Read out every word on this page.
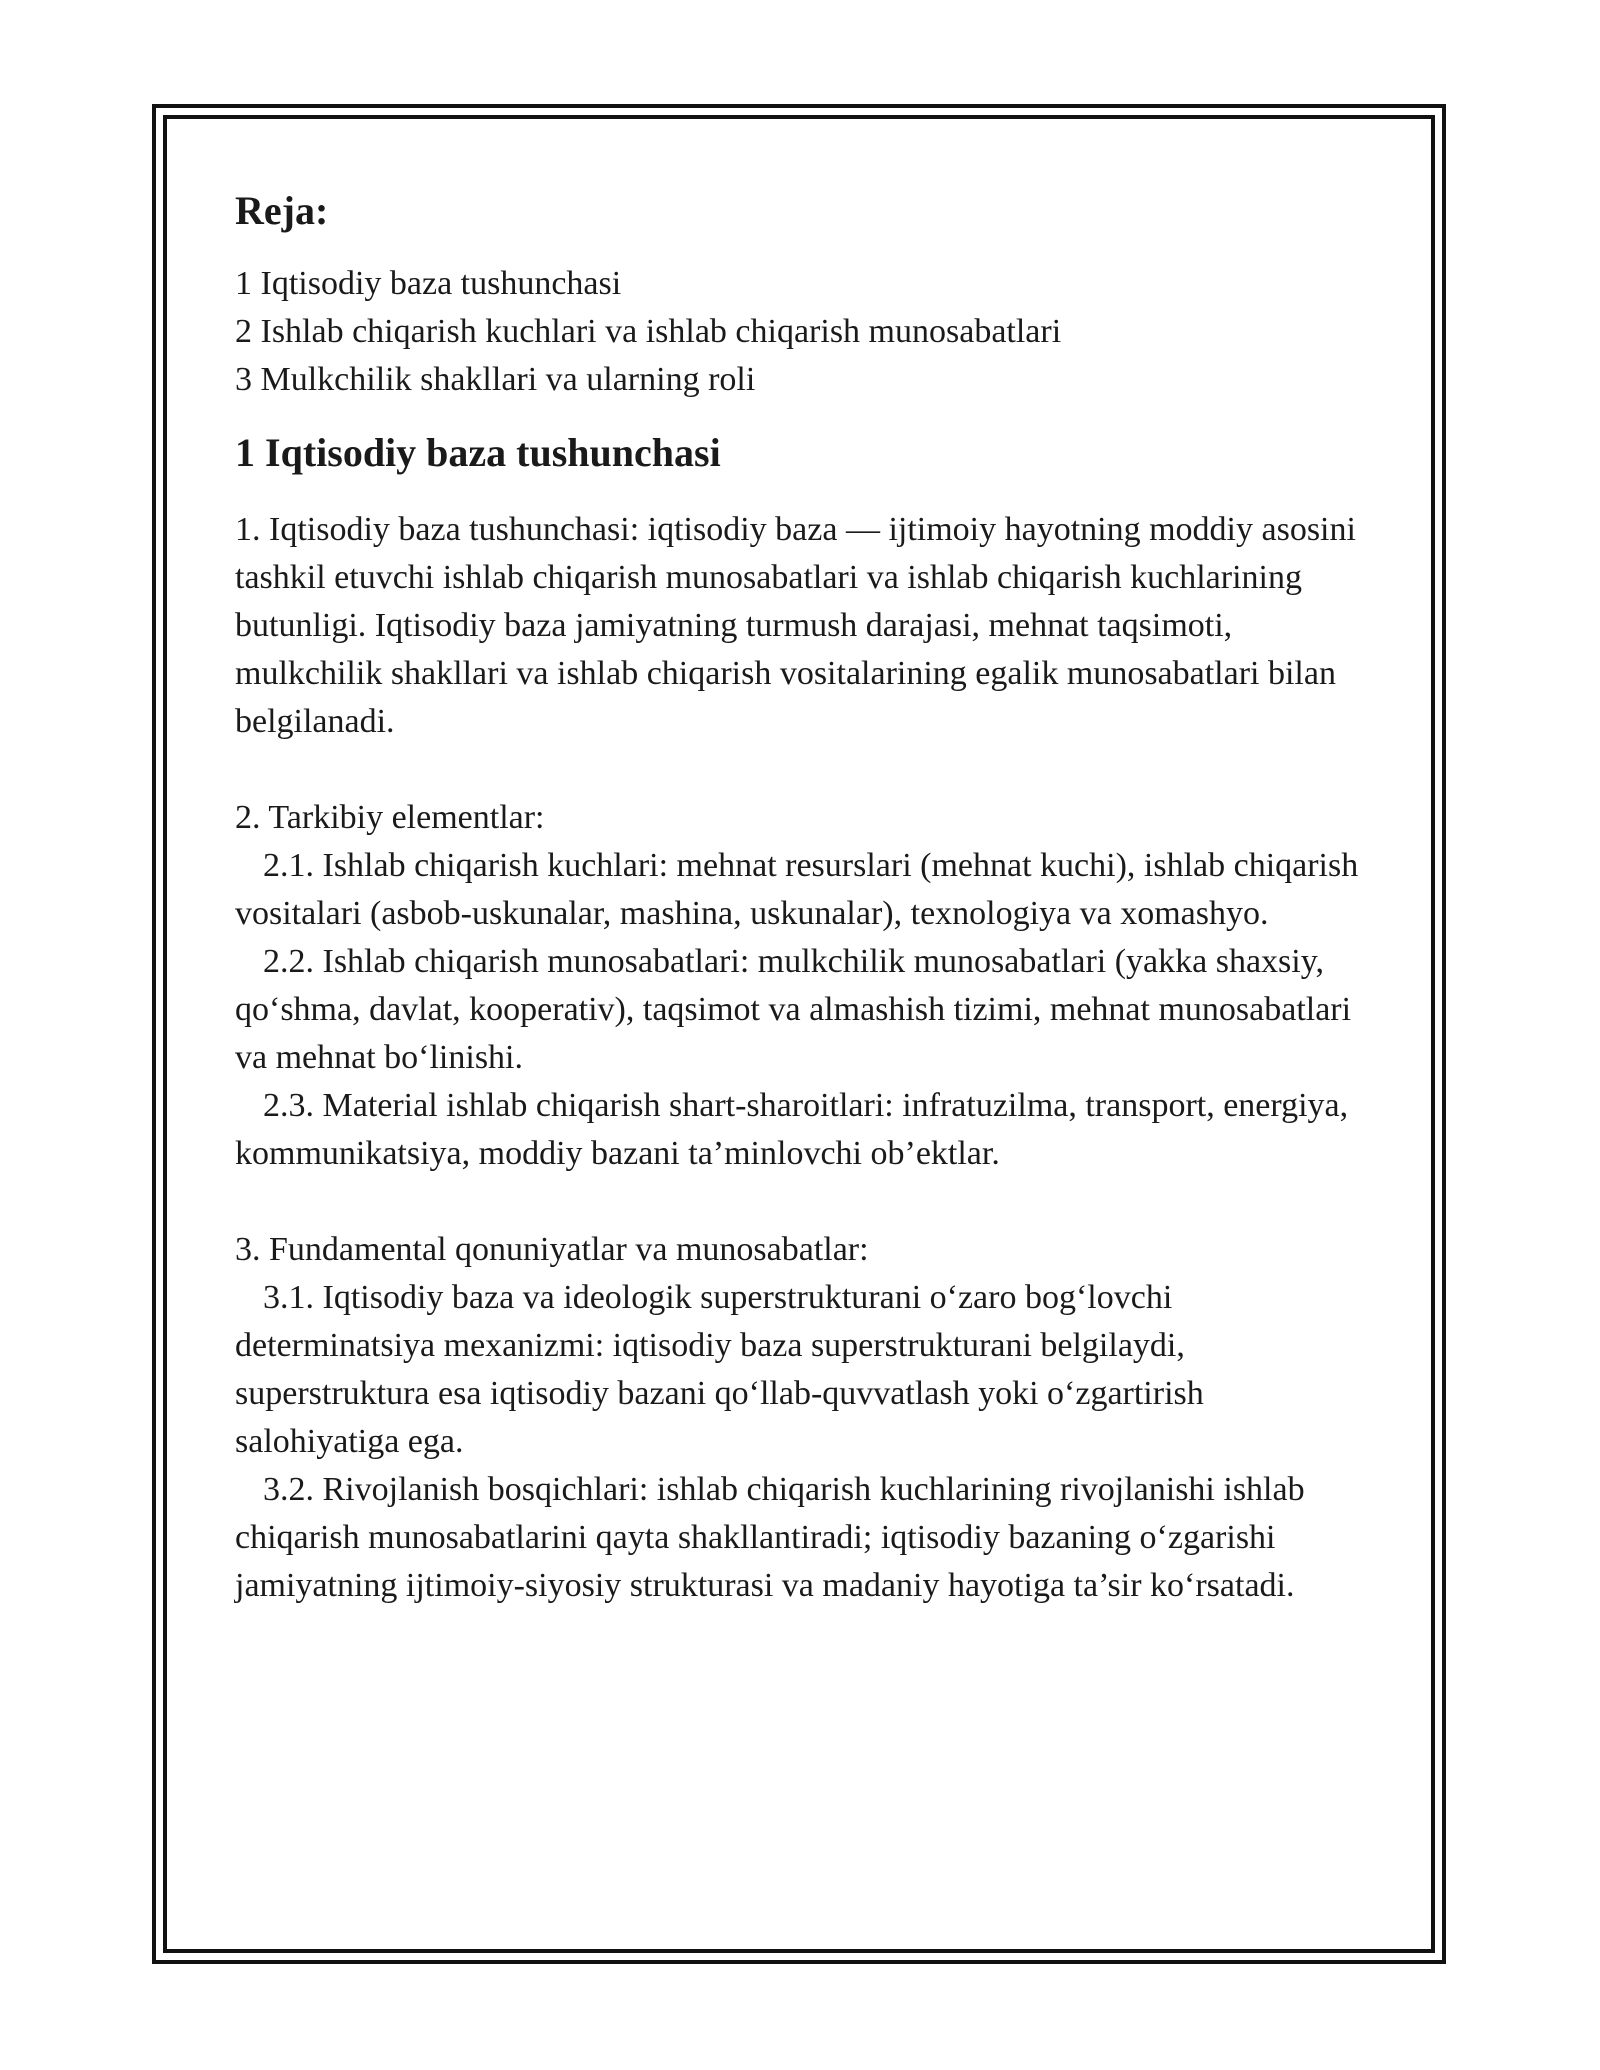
Reja:
1 Iqtisodiy baza tushunchasi
2 Ishlab chiqarish kuchlari va ishlab chiqarish munosabatlari
3 Mulkchilik shakllari va ularning roli
1 Iqtisodiy baza tushunchasi

1. Iqtisodiy baza tushunchasi: iqtisodiy baza — ijtimoiy hayotning moddiy asosini tashkil etuvchi ishlab chiqarish munosabatlari va ishlab chiqarish kuchlarining butunligi. Iqtisodiy baza jamiyatning turmush darajasi, mehnat taqsimoti, mulkchilik shakllari va ishlab chiqarish vositalarining egalik munosabatlari bilan belgilanadi.

2. Tarkibiy elementlar:

2.1. Ishlab chiqarish kuchlari: mehnat resurslari (mehnat kuchi), ishlab chiqarish vositalari (asbob-uskunalar, mashina, uskunalar), texnologiya va xomashyo.

2.2. Ishlab chiqarish munosabatlari: mulkchilik munosabatlari (yakka shaxsiy, qo‘shma, davlat, kooperativ), taqsimot va almashish tizimi, mehnat munosabatlari va mehnat bo‘linishi.

2.3. Material ishlab chiqarish shart-sharoitlari: infratuzilma, transport, energiya, kommunikatsiya, moddiy bazani ta’minlovchi ob’ektlar.

3. Fundamental qonuniyatlar va munosabatlar:

3.1. Iqtisodiy baza va ideologik superstrukturani o‘zaro bog‘lovchi determinatsiya mexanizmi: iqtisodiy baza superstrukturani belgilaydi, superstruktura esa iqtisodiy bazani qo‘llab-quvvatlash yoki o‘zgartirish salohiyatiga ega.

3.2. Rivojlanish bosqichlari: ishlab chiqarish kuchlarining rivojlanishi ishlab chiqarish munosabatlarini qayta shakllantiradi; iqtisodiy bazaning o‘zgarishi jamiyatning ijtimoiy-siyosiy strukturasi va madaniy hayotiga ta’sir ko‘rsatadi.
